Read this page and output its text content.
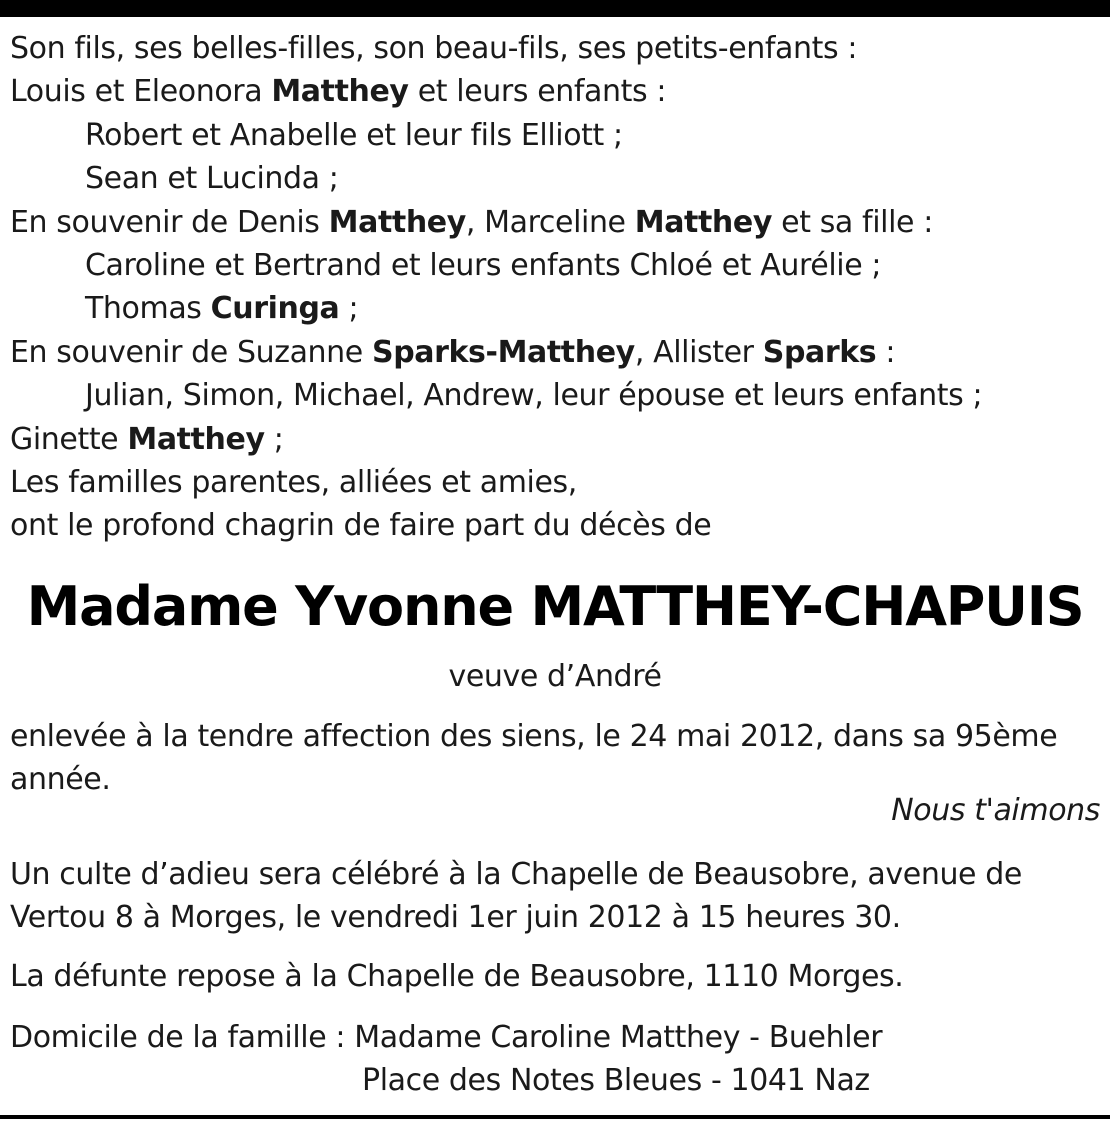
Son fils, ses belles-filles, son beau-fils, ses petits-enfants :
Louis et Eleonora Matthey et leurs enfants :
Robert et Anabelle et leur fils Elliott ;
Sean et Lucinda ;
En souvenir de Denis Matthey, Marceline Matthey et sa fille :
Caroline et Bertrand et leurs enfants Chloé et Aurélie ;
Thomas Curinga ;
En souvenir de Suzanne Sparks-Matthey, Allister Sparks :
Julian, Simon, Michael, Andrew, leur épouse et leurs enfants ;
Ginette Matthey ;
Les familles parentes, alliées et amies,
ont le profond chagrin de faire part du décès de
Madame Yvonne MATTHEY-CHAPUIS
veuve d’André
enlevée à la tendre affection des siens, le 24 mai 2012, dans sa 95ème
année.
Nous t'aimons
Un culte d’adieu sera célébré à la Chapelle de Beausobre, avenue de
Vertou 8 à Morges, le vendredi 1er juin 2012 à 15 heures 30.
La défunte repose à la Chapelle de Beausobre, 1110 Morges.
Domicile de la famille : Madame Caroline Matthey - Buehler
Place des Notes Bleues - 1041 Naz
